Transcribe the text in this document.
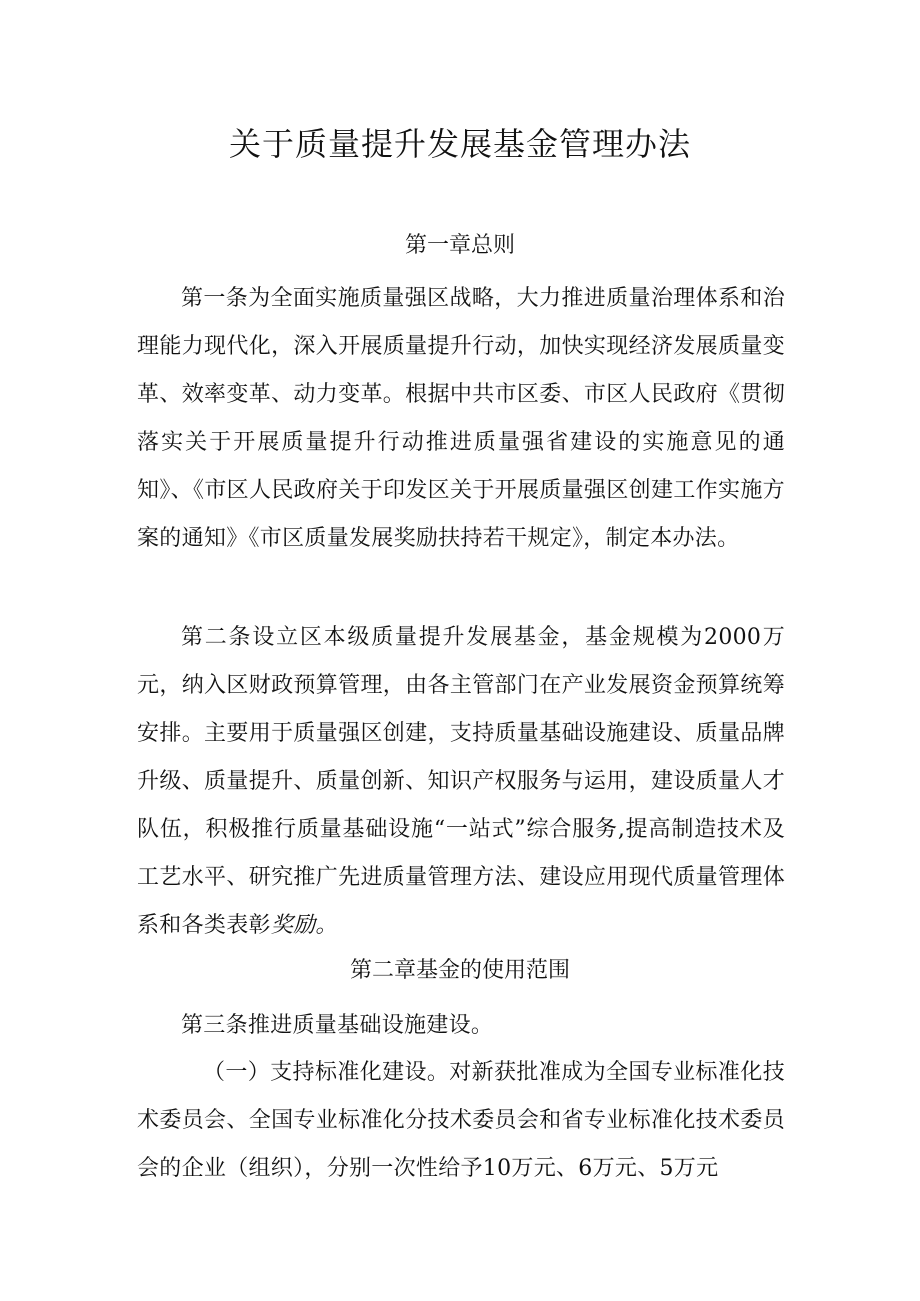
关于质量提升发展基金管理办法

第一章总则

第一条为全面实施质量强区战略，大力推进质量治理体系和治理能力现代化，深入开展质量提升行动，加快实现经济发展质量变革、效率变革、动力变革。根据中共市区委、市区人民政府《贯彻落实关于开展质量提升行动推进质量强省建设的实施意见的通知》、《市区人民政府关于印发区关于开展质量强区创建工作实施方案的通知》《市区质量发展奖励扶持若干规定》，制定本办法。

第二条设立区本级质量提升发展基金，基金规模为2000万元，纳入区财政预算管理，由各主管部门在产业发展资金预算统筹安排。主要用于质量强区创建，支持质量基础设施建设、质量品牌升级、质量提升、质量创新、知识产权服务与运用，建设质量人才队伍，积极推行质量基础设施“一站式”综合服务,提高制造技术及工艺水平、研究推广先进质量管理方法、建设应用现代质量管理体系和各类表彰奖励。

第二章基金的使用范围

第三条推进质量基础设施建设。

（一）支持标准化建设。对新获批准成为全国专业标准化技术委员会、全国专业标准化分技术委员会和省专业标准化技术委员会的企业（组织），分别一次性给予10万元、6万元、5万元
